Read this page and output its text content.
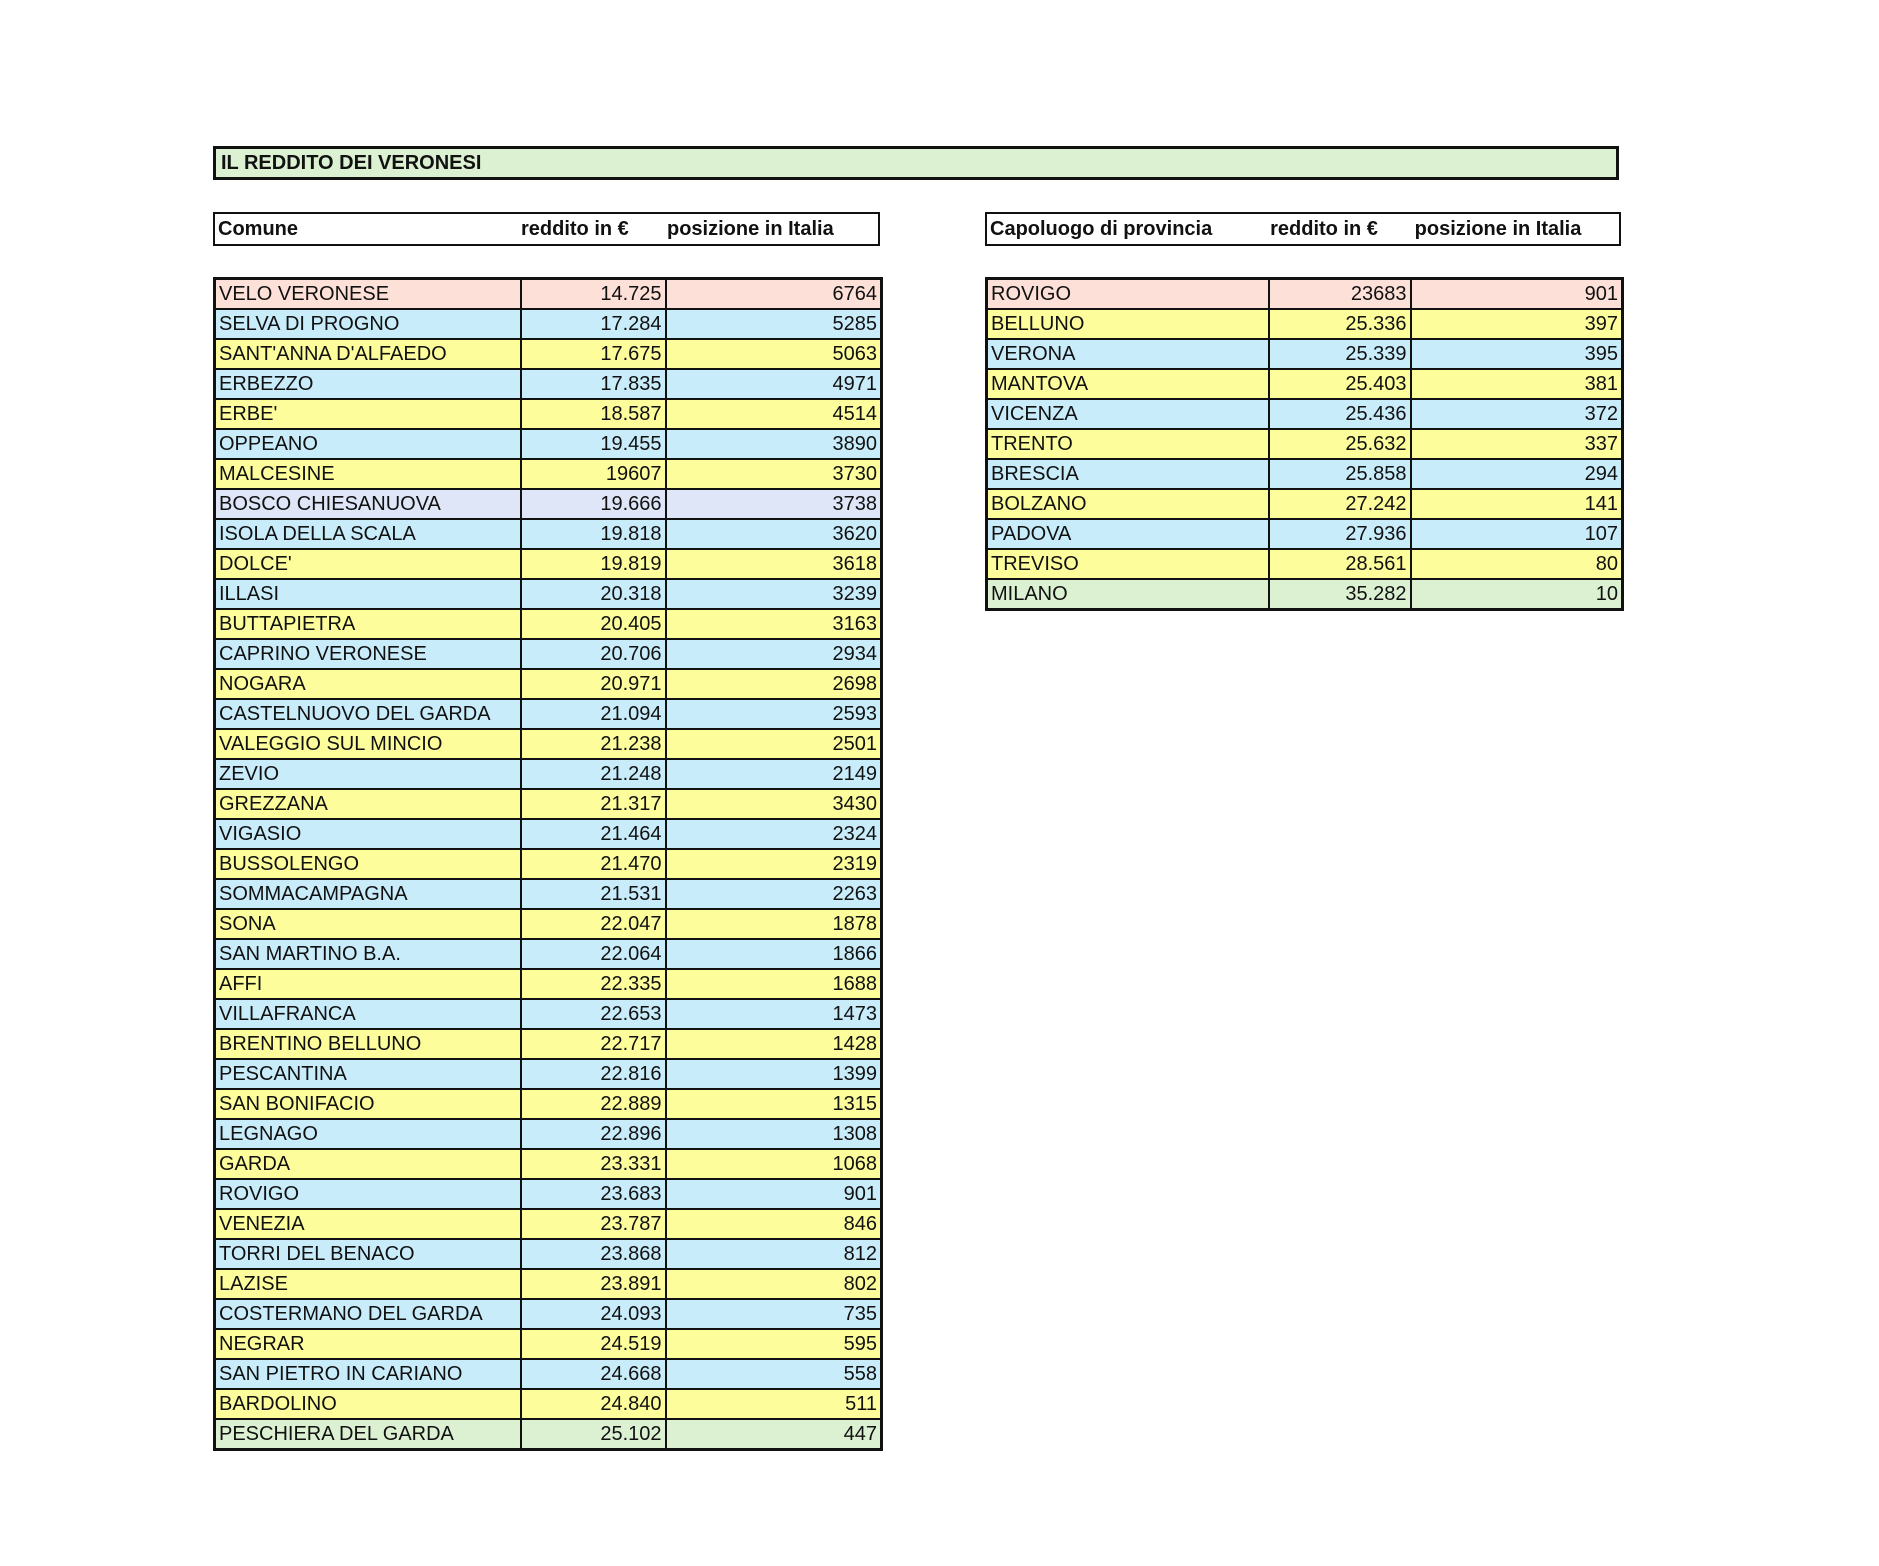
IL REDDITO DEI VERONESI
Comune	reddito in €	posizione in Italia	Capoluogo di provincia	reddito in €	posizione in Italia
VELO VERONESE	14.725	6764
SELVA DI PROGNO	17.284	5285
SANT'ANNA D'ALFAEDO	17.675	5063
ERBEZZO	17.835	4971
ERBE'	18.587	4514
OPPEANO	19.455	3890
MALCESINE	19607	3730
BOSCO CHIESANUOVA	19.666	3738
ISOLA DELLA SCALA	19.818	3620
DOLCE'	19.819	3618
ILLASI	20.318	3239
BUTTAPIETRA	20.405	3163
CAPRINO VERONESE	20.706	2934
NOGARA	20.971	2698
CASTELNUOVO DEL GARDA	21.094	2593
VALEGGIO SUL MINCIO	21.238	2501
ZEVIO	21.248	2149
GREZZANA	21.317	3430
VIGASIO	21.464	2324
BUSSOLENGO	21.470	2319
SOMMACAMPAGNA	21.531	2263
SONA	22.047	1878
SAN MARTINO B.A.	22.064	1866
AFFI	22.335	1688
VILLAFRANCA	22.653	1473
BRENTINO BELLUNO	22.717	1428
PESCANTINA	22.816	1399
SAN BONIFACIO	22.889	1315
LEGNAGO	22.896	1308
GARDA	23.331	1068
ROVIGO	23.683	901
VENEZIA	23.787	846
TORRI DEL BENACO	23.868	812
LAZISE	23.891	802
COSTERMANO DEL GARDA	24.093	735
NEGRAR	24.519	595
SAN PIETRO IN CARIANO	24.668	558
BARDOLINO	24.840	511
PESCHIERA DEL GARDA	25.102	447
ROVIGO	23683	901
BELLUNO	25.336	397
VERONA	25.339	395
MANTOVA	25.403	381
VICENZA	25.436	372
TRENTO	25.632	337
BRESCIA	25.858	294
BOLZANO	27.242	141
PADOVA	27.936	107
TREVISO	28.561	80
MILANO	35.282	10
